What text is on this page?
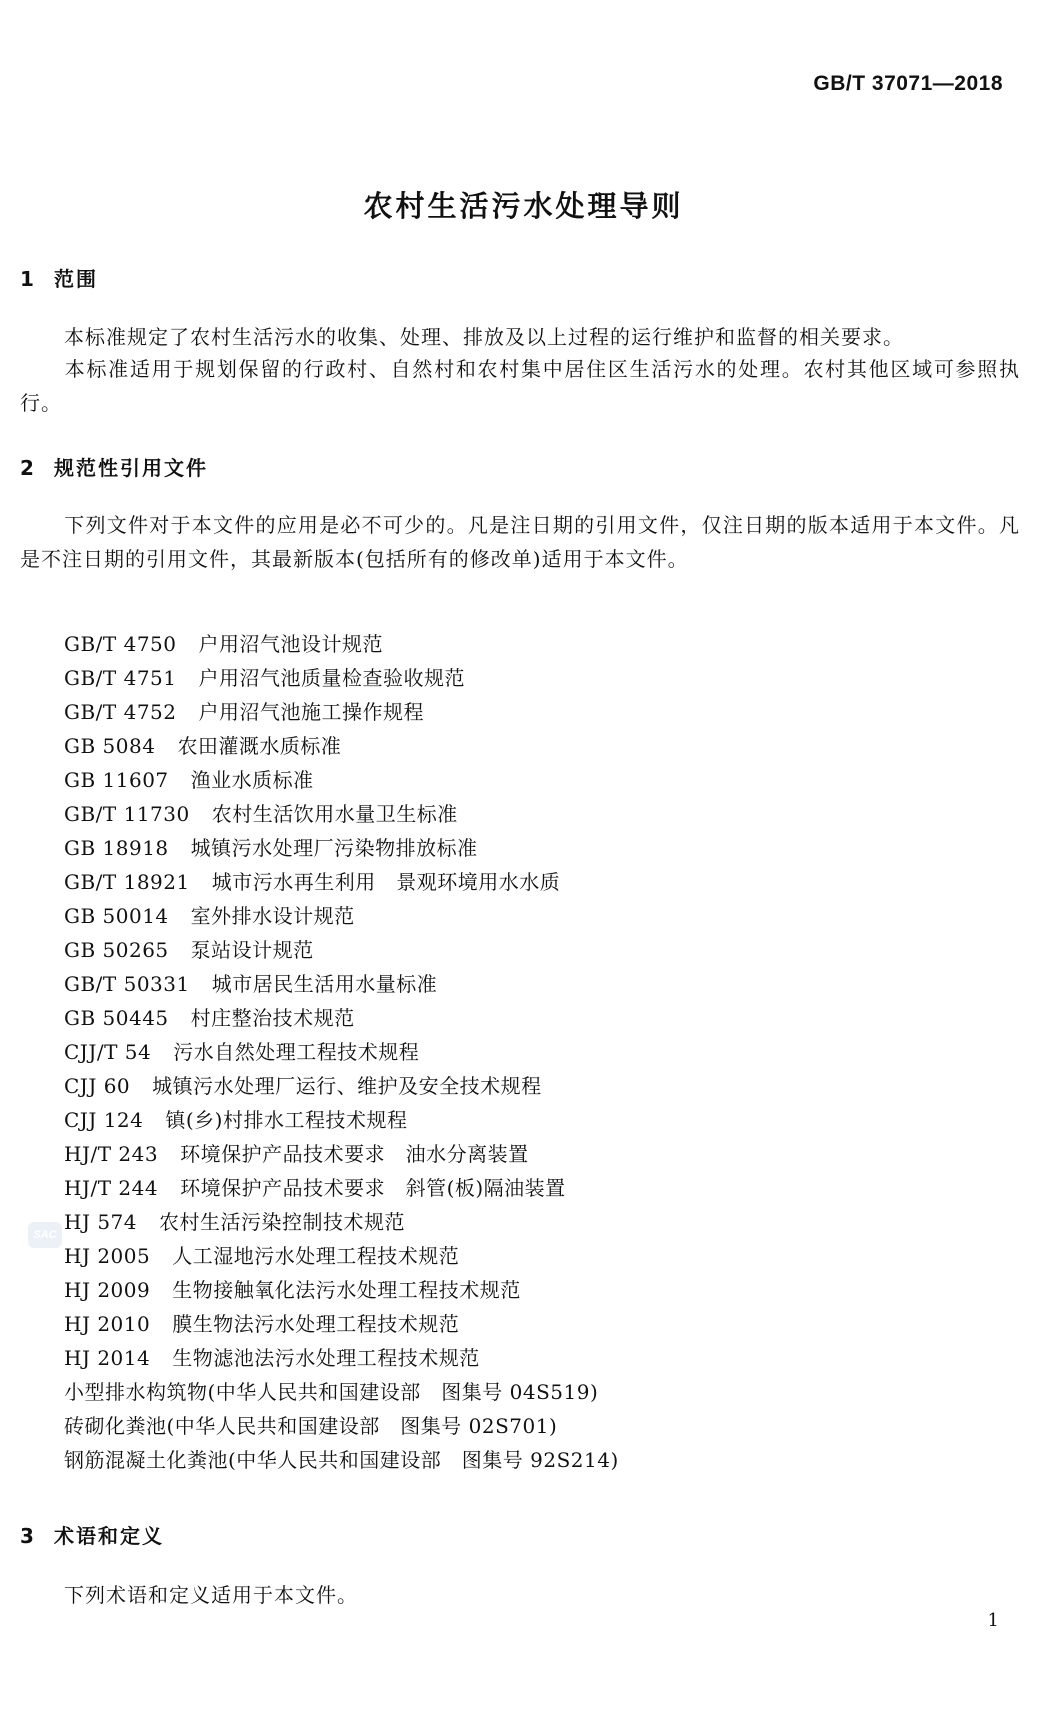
GB/T 37071—2018
农村生活污水处理导则
1	范围
本标准规定了农村生活污水的收集、处理、排放及以上过程的运行维护和监督的相关要求。
本标准适用于规划保留的行政村、自然村和农村集中居住区生活污水的处理。农村其他区域可参照执行。
2	规范性引用文件
下列文件对于本文件的应用是必不可少的。凡是注日期的引用文件，仅注日期的版本适用于本文件。凡是不注日期的引用文件，其最新版本(包括所有的修改单)适用于本文件。
GB/T 4750 户用沼气池设计规范
GB/T 4751 户用沼气池质量检查验收规范
GB/T 4752 户用沼气池施工操作规程
GB 5084 农田灌溉水质标准
GB 11607 渔业水质标准
GB/T 11730 农村生活饮用水量卫生标准
GB 18918 城镇污水处理厂污染物排放标准
GB/T 18921 城市污水再生利用　景观环境用水水质
GB 50014 室外排水设计规范
GB 50265 泵站设计规范
GB/T 50331 城市居民生活用水量标准
GB 50445 村庄整治技术规范
CJJ/T 54 污水自然处理工程技术规程
CJJ 60 城镇污水处理厂运行、维护及安全技术规程
CJJ 124 镇(乡)村排水工程技术规程
HJ/T 243 环境保护产品技术要求　油水分离装置
HJ/T 244 环境保护产品技术要求　斜管(板)隔油装置
HJ 574 农村生活污染控制技术规范
HJ 2005 人工湿地污水处理工程技术规范
HJ 2009 生物接触氧化法污水处理工程技术规范
HJ 2010 膜生物法污水处理工程技术规范
HJ 2014 生物滤池法污水处理工程技术规范
小型排水构筑物(中华人民共和国建设部　图集号 04S519)
砖砌化粪池(中华人民共和国建设部　图集号 02S701)
钢筋混凝土化粪池(中华人民共和国建设部　图集号 92S214)
3	术语和定义
下列术语和定义适用于本文件。
SAC
1
